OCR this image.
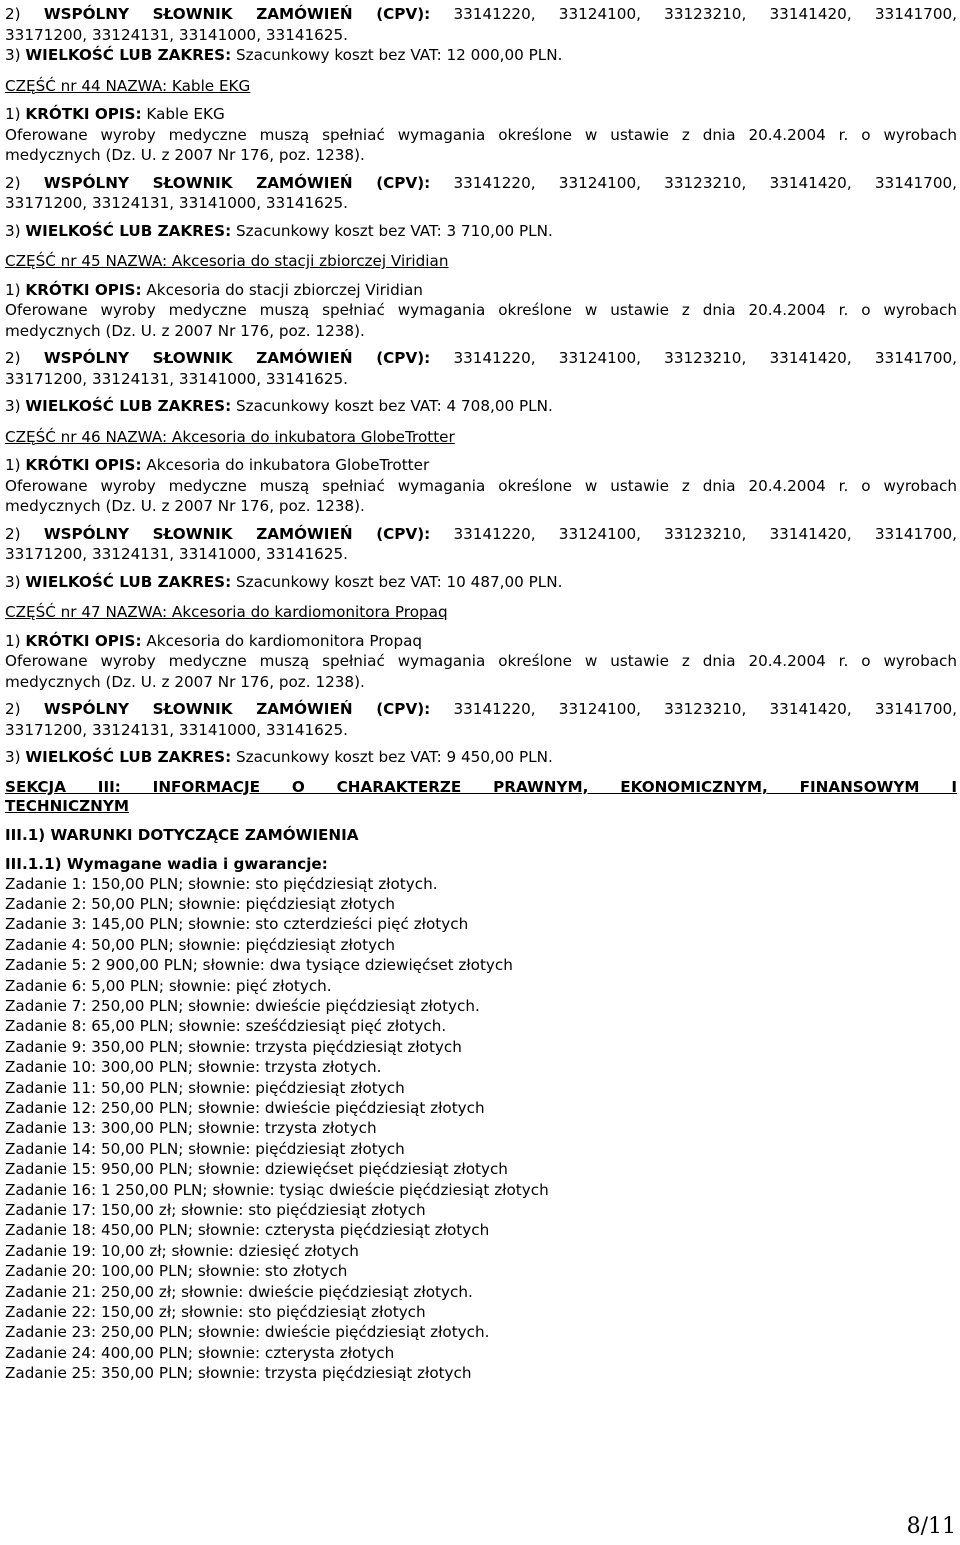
2) WSPÓLNY SŁOWNIK ZAMÓWIEŃ (CPV): 33141220, 33124100, 33123210, 33141420, 33141700,
33171200, 33124131, 33141000, 33141625.
3) WIELKOŚĆ LUB ZAKRES: Szacunkowy koszt bez VAT: 12 000,00 PLN.
CZĘŚĆ nr 44 NAZWA: Kable EKG
1) KRÓTKI OPIS: Kable EKG
Oferowane wyroby medyczne muszą spełniać wymagania określone w ustawie z dnia 20.4.2004 r. o wyrobach
medycznych (Dz. U. z 2007 Nr 176, poz. 1238).
2) WSPÓLNY SŁOWNIK ZAMÓWIEŃ (CPV): 33141220, 33124100, 33123210, 33141420, 33141700,
33171200, 33124131, 33141000, 33141625.
3) WIELKOŚĆ LUB ZAKRES: Szacunkowy koszt bez VAT: 3 710,00 PLN.
CZĘŚĆ nr 45 NAZWA: Akcesoria do stacji zbiorczej Viridian
1) KRÓTKI OPIS: Akcesoria do stacji zbiorczej Viridian
Oferowane wyroby medyczne muszą spełniać wymagania określone w ustawie z dnia 20.4.2004 r. o wyrobach
medycznych (Dz. U. z 2007 Nr 176, poz. 1238).
2) WSPÓLNY SŁOWNIK ZAMÓWIEŃ (CPV): 33141220, 33124100, 33123210, 33141420, 33141700,
33171200, 33124131, 33141000, 33141625.
3) WIELKOŚĆ LUB ZAKRES: Szacunkowy koszt bez VAT: 4 708,00 PLN.
CZĘŚĆ nr 46 NAZWA: Akcesoria do inkubatora GlobeTrotter
1) KRÓTKI OPIS: Akcesoria do inkubatora GlobeTrotter
Oferowane wyroby medyczne muszą spełniać wymagania określone w ustawie z dnia 20.4.2004 r. o wyrobach
medycznych (Dz. U. z 2007 Nr 176, poz. 1238).
2) WSPÓLNY SŁOWNIK ZAMÓWIEŃ (CPV): 33141220, 33124100, 33123210, 33141420, 33141700,
33171200, 33124131, 33141000, 33141625.
3) WIELKOŚĆ LUB ZAKRES: Szacunkowy koszt bez VAT: 10 487,00 PLN.
CZĘŚĆ nr 47 NAZWA: Akcesoria do kardiomonitora Propaq
1) KRÓTKI OPIS: Akcesoria do kardiomonitora Propaq
Oferowane wyroby medyczne muszą spełniać wymagania określone w ustawie z dnia 20.4.2004 r. o wyrobach
medycznych (Dz. U. z 2007 Nr 176, poz. 1238).
2) WSPÓLNY SŁOWNIK ZAMÓWIEŃ (CPV): 33141220, 33124100, 33123210, 33141420, 33141700,
33171200, 33124131, 33141000, 33141625.
3) WIELKOŚĆ LUB ZAKRES: Szacunkowy koszt bez VAT: 9 450,00 PLN.
SEKCJA III: INFORMACJE O CHARAKTERZE PRAWNYM, EKONOMICZNYM, FINANSOWYM I
TECHNICZNYM
III.1) WARUNKI DOTYCZĄCE ZAMÓWIENIA
III.1.1) Wymagane wadia i gwarancje:
Zadanie 1: 150,00 PLN; słownie: sto pięćdziesiąt złotych.
Zadanie 2: 50,00 PLN; słownie: pięćdziesiąt złotych
Zadanie 3: 145,00 PLN; słownie: sto czterdzieści pięć złotych
Zadanie 4: 50,00 PLN; słownie: pięćdziesiąt złotych
Zadanie 5: 2 900,00 PLN; słownie: dwa tysiące dziewięćset złotych
Zadanie 6: 5,00 PLN; słownie: pięć złotych.
Zadanie 7: 250,00 PLN; słownie: dwieście pięćdziesiąt złotych.
Zadanie 8: 65,00 PLN; słownie: sześćdziesiąt pięć złotych.
Zadanie 9: 350,00 PLN; słownie: trzysta pięćdziesiąt złotych
Zadanie 10: 300,00 PLN; słownie: trzysta złotych.
Zadanie 11: 50,00 PLN; słownie: pięćdziesiąt złotych
Zadanie 12: 250,00 PLN; słownie: dwieście pięćdziesiąt złotych
Zadanie 13: 300,00 PLN; słownie: trzysta złotych
Zadanie 14: 50,00 PLN; słownie: pięćdziesiąt złotych
Zadanie 15: 950,00 PLN; słownie: dziewięćset pięćdziesiąt złotych
Zadanie 16: 1 250,00 PLN; słownie: tysiąc dwieście pięćdziesiąt złotych
Zadanie 17: 150,00 zł; słownie: sto pięćdziesiąt złotych
Zadanie 18: 450,00 PLN; słownie: czterysta pięćdziesiąt złotych
Zadanie 19: 10,00 zł; słownie: dziesięć złotych
Zadanie 20: 100,00 PLN; słownie: sto złotych
Zadanie 21: 250,00 zł; słownie: dwieście pięćdziesiąt złotych.
Zadanie 22: 150,00 zł; słownie: sto pięćdziesiąt złotych
Zadanie 23: 250,00 PLN; słownie: dwieście pięćdziesiąt złotych.
Zadanie 24: 400,00 PLN; słownie: czterysta złotych
Zadanie 25: 350,00 PLN; słownie: trzysta pięćdziesiąt złotych
8/11
